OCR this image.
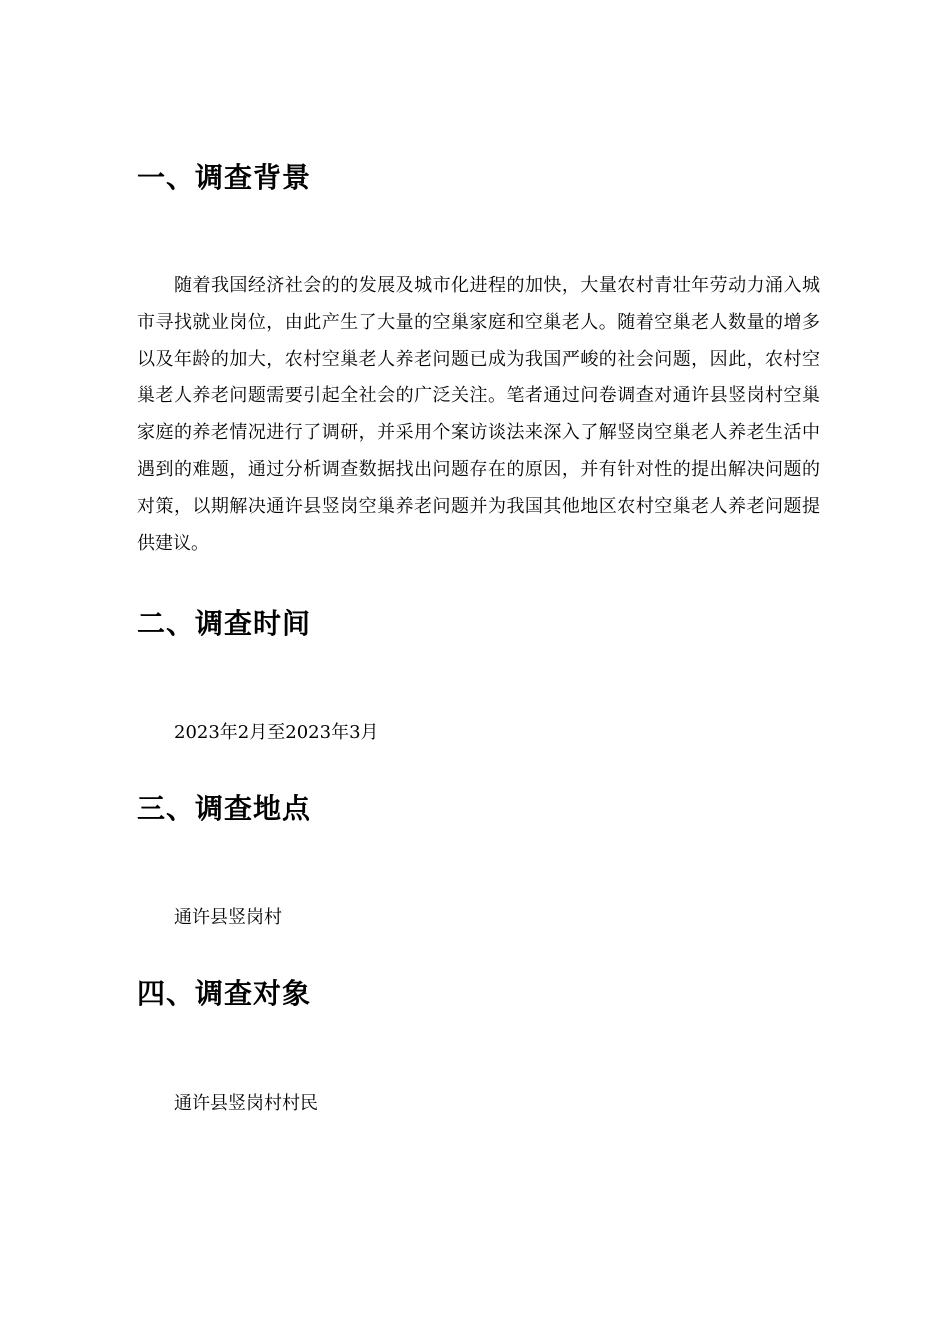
一、调查背景

随着我国经济社会的的发展及城市化进程的加快，大量农村青壮年劳动力涌入城市寻找就业岗位，由此产生了大量的空巢家庭和空巢老人。随着空巢老人数量的增多以及年龄的加大，农村空巢老人养老问题已成为我国严峻的社会问题，因此，农村空巢老人养老问题需要引起全社会的广泛关注。笔者通过问卷调查对通许县竖岗村空巢家庭的养老情况进行了调研，并采用个案访谈法来深入了解竖岗空巢老人养老生活中遇到的难题，通过分析调查数据找出问题存在的原因，并有针对性的提出解决问题的对策，以期解决通许县竖岗空巢养老问题并为我国其他地区农村空巢老人养老问题提供建议。

二、调查时间

2023年2月至2023年3月

三、调查地点

通许县竖岗村

四、调查对象

通许县竖岗村村民
